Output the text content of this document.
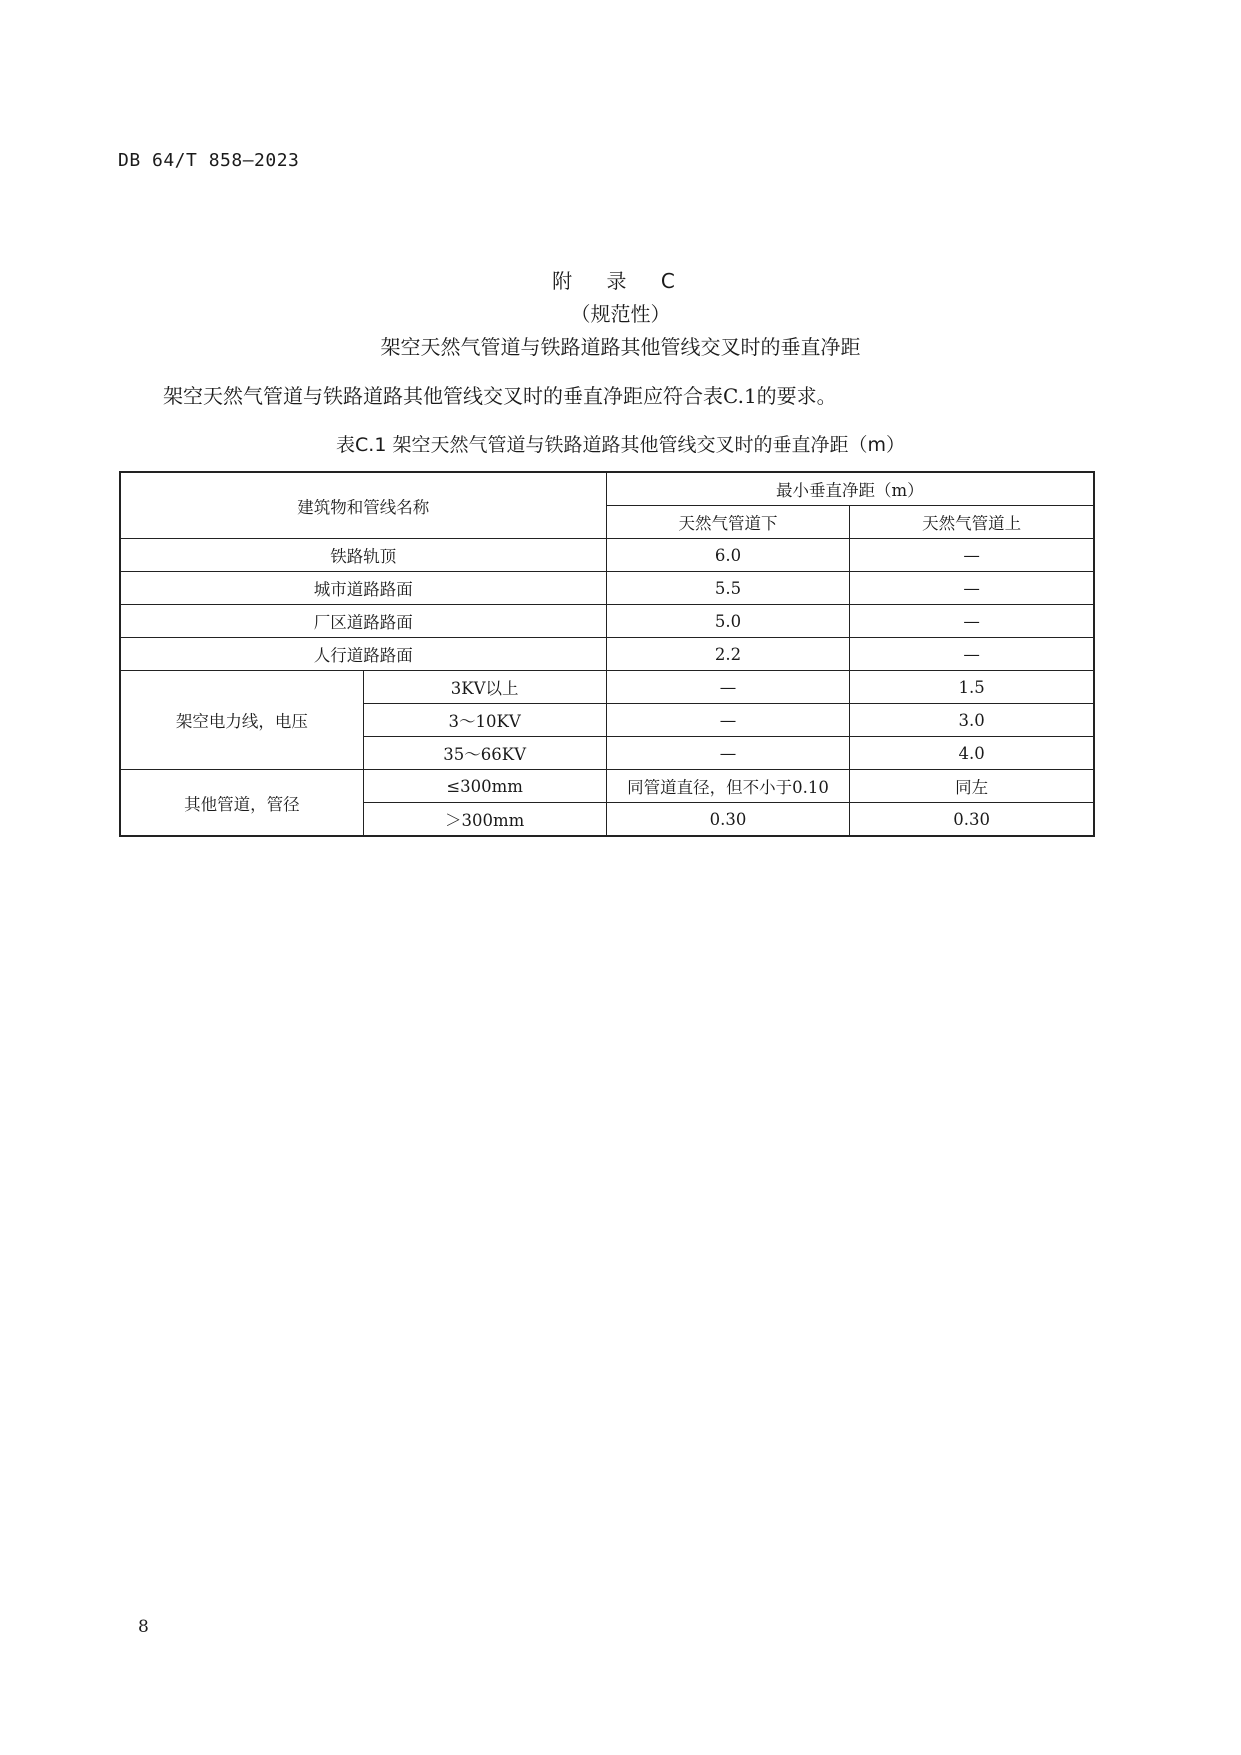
DB 64/T 858—2023
附 录 C
（规范性）
架空天然气管道与铁路道路其他管线交叉时的垂直净距
架空天然气管道与铁路道路其他管线交叉时的垂直净距应符合表C.1的要求。
表C.1 架空天然气管道与铁路道路其他管线交叉时的垂直净距（m）
建筑物和管线名称		最小垂直净距（m）	
		天然气管道下	天然气管道上
铁路轨顶		6.0	—
城市道路路面		5.5	—
厂区道路路面		5.0	—
人行道路路面		2.2	—
架空电力线，电压	3KV以上	—	1.5
	3～10KV	—	3.0
	35～66KV	—	4.0
其他管道，管径	≤300mm	同管道直径，但不小于0.10	同左
	＞300mm	0.30	0.30
8
